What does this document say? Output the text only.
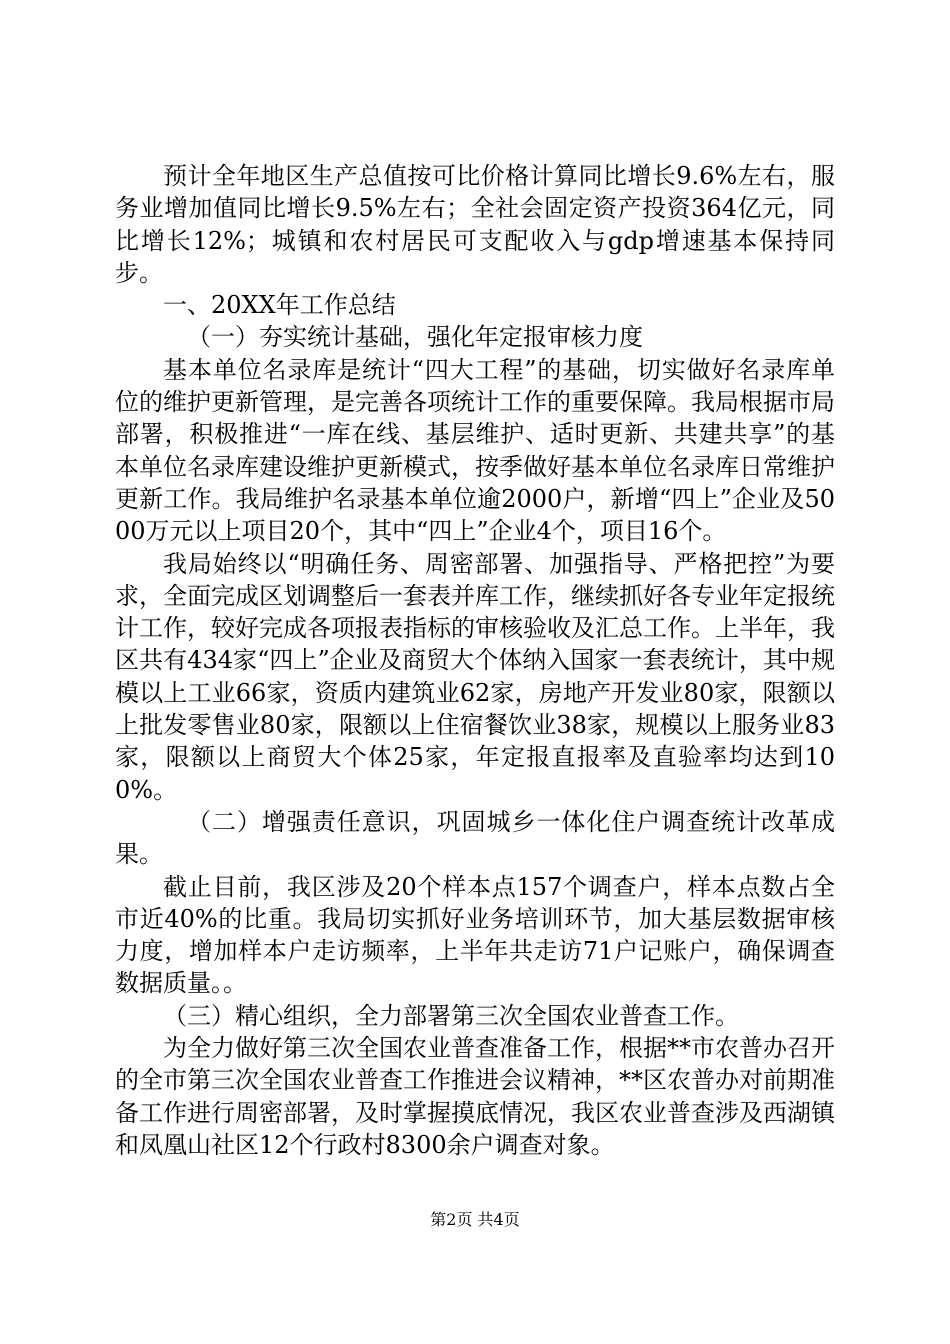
预计全年地区生产总值按可比价格计算同比增长9.6%左右，服务业增加值同比增长9.5%左右；全社会固定资产投资364亿元，同比增长12%；城镇和农村居民可支配收入与gdp增速基本保持同步。

一、20XX年工作总结

（一）夯实统计基础，强化年定报审核力度

基本单位名录库是统计“四大工程”的基础，切实做好名录库单位的维护更新管理，是完善各项统计工作的重要保障。我局根据市局部署，积极推进“一库在线、基层维护、适时更新、共建共享”的基本单位名录库建设维护更新模式，按季做好基本单位名录库日常维护更新工作。我局维护名录基本单位逾2000户，新增“四上”企业及5000万元以上项目20个，其中“四上”企业4个，项目16个。

我局始终以“明确任务、周密部署、加强指导、严格把控”为要求，全面完成区划调整后一套表并库工作，继续抓好各专业年定报统计工作，较好完成各项报表指标的审核验收及汇总工作。上半年，我区共有434家“四上”企业及商贸大个体纳入国家一套表统计，其中规模以上工业66家，资质内建筑业62家，房地产开发业80家，限额以上批发零售业80家，限额以上住宿餐饮业38家，规模以上服务业83家，限额以上商贸大个体25家，年定报直报率及直验率均达到100%。

（二）增强责任意识，巩固城乡一体化住户调查统计改革成果。

截止目前，我区涉及20个样本点157个调查户，样本点数占全市近40%的比重。我局切实抓好业务培训环节，加大基层数据审核力度，增加样本户走访频率，上半年共走访71户记账户，确保调查数据质量。。

（三）精心组织，全力部署第三次全国农业普查工作。

为全力做好第三次全国农业普查准备工作，根据**市农普办召开的全市第三次全国农业普查工作推进会议精神，**区农普办对前期准备工作进行周密部署，及时掌握摸底情况，我区农业普查涉及西湖镇和凤凰山社区12个行政村8300余户调查对象。

第2页 共4页
